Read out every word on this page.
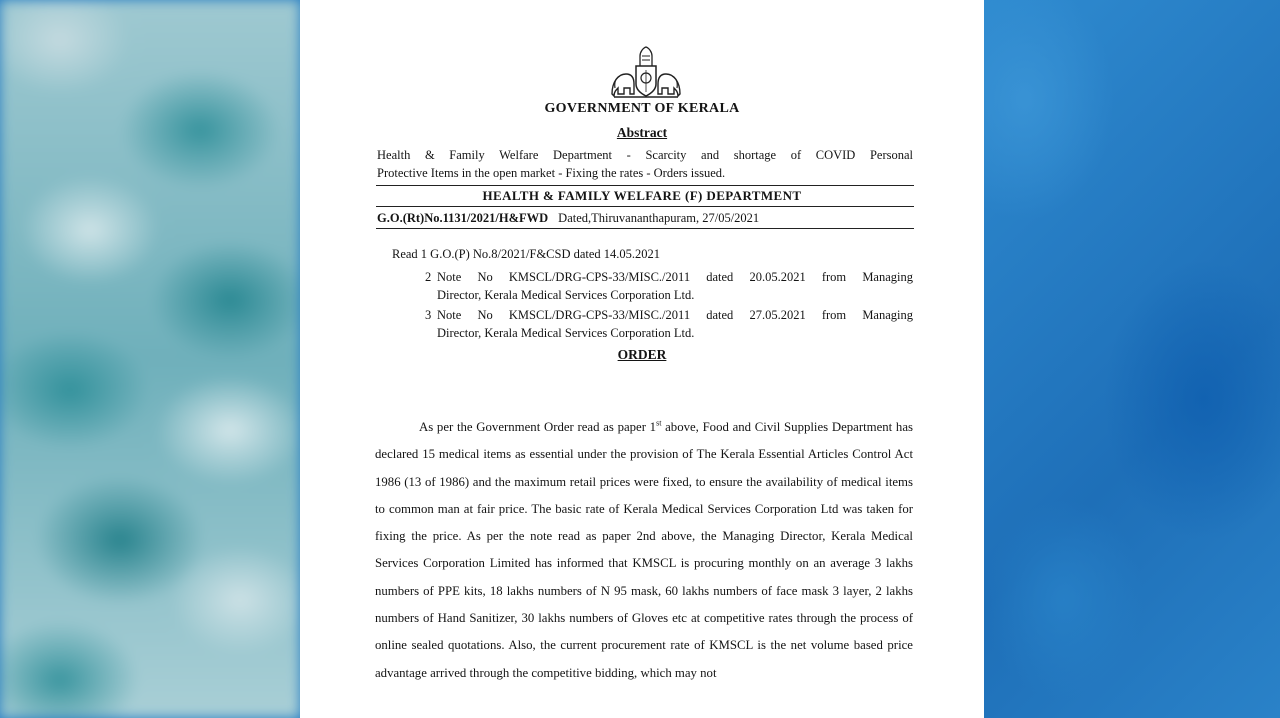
GOVERNMENT OF KERALA
Abstract
Health & Family Welfare Department - Scarcity and shortage of COVID Personal
Protective Items in the open market - Fixing the rates - Orders issued.
HEALTH & FAMILY WELFARE (F) DEPARTMENT
G.O.(Rt)No.1131/2021/H&FWD Dated,Thiruvananthapuram, 27/05/2021
Read 1 G.O.(P) No.8/2021/F&CSD dated 14.05.2021
2 Note No KMSCL/DRG-CPS-33/MISC./2011 dated 20.05.2021 from Managing
Director, Kerala Medical Services Corporation Ltd.
3 Note No KMSCL/DRG-CPS-33/MISC./2011 dated 27.05.2021 from Managing
Director, Kerala Medical Services Corporation Ltd.
ORDER
As per the Government Order read as paper 1st above, Food and Civil Supplies Department has declared 15 medical items as essential under the provision of The Kerala Essential Articles Control Act 1986 (13 of 1986) and the maximum retail prices were fixed, to ensure the availability of medical items to common man at fair price. The basic rate of Kerala Medical Services Corporation Ltd was taken for fixing the price. As per the note read as paper 2nd above, the Managing Director, Kerala Medical Services Corporation Limited has informed that KMSCL is procuring monthly on an average 3 lakhs numbers of PPE kits, 18 lakhs numbers of N 95 mask, 60 lakhs numbers of face mask 3 layer, 2 lakhs numbers of Hand Sanitizer, 30 lakhs numbers of Gloves etc at competitive rates through the process of online sealed quotations. Also, the current procurement rate of KMSCL is the net volume based price advantage arrived through the competitive bidding, which may not
